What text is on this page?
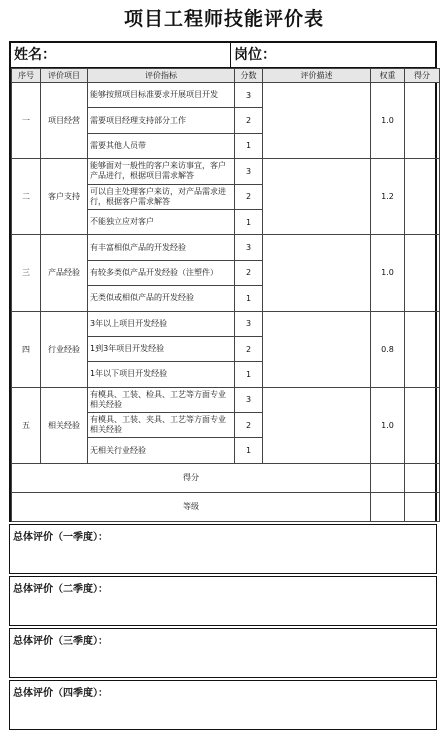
项目工程师技能评价表
姓名：	岗位：
序号	评价项目	评价指标	分数	评价描述	权重	得分
一	项目经营	能够按照项目标准要求开展项目开发	3		1.0	
		需要项目经理支持部分工作	2			
		需要其他人员带	1			
二	客户支持	能够面对一般性的客户来访事宜，客户产品进行，根据项目需求解答	3		1.2	
		可以自主处理客户来访，对产品需求进行，根据客户需求解答	2			
		不能独立应对客户	1			
三	产品经验	有丰富相似产品的开发经验	3		1.0	
		有较多类似产品开发经验（注塑件）	2			
		无类似或相似产品的开发经验	1			
四	行业经验	3年以上项目开发经验	3		0.8	
		1到3年项目开发经验	2			
		1年以下项目开发经验	1			
五	相关经验	有模具、工装、检具、工艺等方面专业相关经验	3		1.0	
		有模具、工装、夹具、工艺等方面专业相关经验	2			
		无相关行业经验	1			
得分						
等级						
总体评价（一季度）：
总体评价（二季度）：
总体评价（三季度）：
总体评价（四季度）：
